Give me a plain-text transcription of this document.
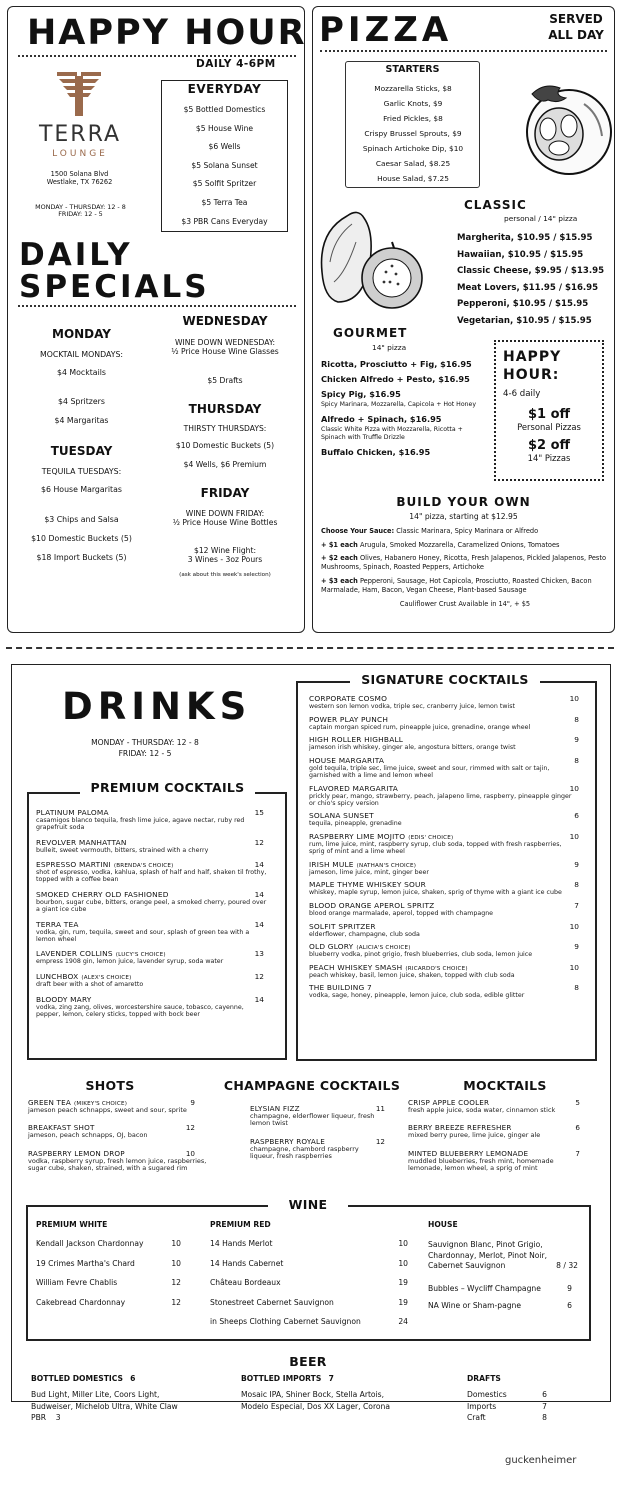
HAPPY HOUR
DAILY 4-6PM
TERRA
LOUNGE
1500 Solana Blvd
Westlake, TX 76262
MONDAY - THURSDAY: 12 - 8
FRIDAY: 12 - 5
EVERYDAY
$5 Bottled Domestics
$5 House Wine
$6 Wells
$5 Solana Sunset
$5 Solfit Spritzer
$5 Terra Tea
$3 PBR Cans Everyday
DAILY
SPECIALS
MONDAY
MOCKTAIL MONDAYS:
$4 Mocktails
$4 Spritzers
$4 Margaritas
TUESDAY
TEQUILA TUESDAYS:
$6 House Margaritas
$3 Chips and Salsa
$10 Domestic Buckets (5)
$18 Import Buckets (5)
WEDNESDAY
WINE DOWN WEDNESDAY:
½ Price House Wine Glasses
$5 Drafts
THURSDAY
THIRSTY THURSDAYS:
$10 Domestic Buckets (5)
$4 Wells, $6 Premium
FRIDAY
WINE DOWN FRIDAY:
½ Price House Wine Bottles
$12 Wine Flight:
3 Wines - 3oz Pours
(ask about this week's selection)
PIZZA	SERVED
ALL DAY
STARTERS
Mozzarella Sticks, $8
Garlic Knots, $9
Fried Pickles, $8
Crispy Brussel Sprouts, $9
Spinach Artichoke Dip, $10
Caesar Salad, $8.25
House Salad, $7.25
CLASSIC
personal / 14" pizza
Margherita, $10.95 / $15.95
Hawaiian, $10.95 / $15.95
Classic Cheese, $9.95 / $13.95
Meat Lovers, $11.95 / $16.95
Pepperoni, $10.95 / $15.95
Vegetarian, $10.95 / $15.95
GOURMET
14" pizza
Ricotta, Prosciutto + Fig, $16.95
Chicken Alfredo + Pesto, $16.95
Spicy Pig, $16.95
Spicy Marinara, Mozzarella, Capicola + Hot Honey
Alfredo + Spinach, $16.95
Classic White Pizza with Mozzarella, Ricotta + Spinach with Truffle Drizzle
Buffalo Chicken, $16.95
HAPPY
HOUR:
4-6 daily
$1 off
Personal Pizzas
$2 off
14" Pizzas
BUILD YOUR OWN
14" pizza, starting at $12.95
Choose Your Sauce: Classic Marinara, Spicy Marinara or Alfredo
+ $1 each Arugula, Smoked Mozzarella, Caramelized Onions, Tomatoes
+ $2 each Olives, Habanero Honey, Ricotta, Fresh Jalapenos, Pickled Jalapenos, Pesto Mushrooms, Spinach, Roasted Peppers, Artichoke
+ $3 each Pepperoni, Sausage, Hot Capicola, Prosciutto, Roasted Chicken, Bacon Marmalade, Ham, Bacon, Vegan Cheese, Plant-based Sausage
Cauliflower Crust Available in 14", + $5
DRINKS
MONDAY - THURSDAY: 12 - 8
FRIDAY: 12 - 5
PREMIUM COCKTAILS
PLATINUM PALOMA	15
casamigos blanco tequila, fresh lime juice, agave nectar, ruby red grapefruit soda
REVOLVER MANHATTAN	12
bulleit, sweet vermouth, bitters, strained with a cherry
ESPRESSO MARTINI (BRENDA'S CHOICE)	14
shot of espresso, vodka, kahlua, splash of half and half, shaken til frothy, topped with a coffee bean
SMOKED CHERRY OLD FASHIONED	14
bourbon, sugar cube, bitters, orange peel, a smoked cherry, poured over a giant ice cube
TERRA TEA	14
vodka, gin, rum, tequila, sweet and sour, splash of green tea with a lemon wheel
LAVENDER COLLINS (LUCY'S CHOICE)	13
empress 1908 gin, lemon juice, lavender syrup, soda water
LUNCHBOX (ALEX'S CHOICE)	12
draft beer with a shot of amaretto
BLOODY MARY	14
vodka, zing zang, olives, worcestershire sauce, tobasco, cayenne, pepper, lemon, celery sticks, topped with bock beer
SIGNATURE COCKTAILS
CORPORATE COSMO	10
western son lemon vodka, triple sec, cranberry juice, lemon twist
POWER PLAY PUNCH	8
captain morgan spiced rum, pineapple juice, grenadine, orange wheel
HIGH ROLLER HIGHBALL	9
jameson irish whiskey, ginger ale, angostura bitters, orange twist
HOUSE MARGARITA	8
gold tequila, triple sec, lime juice, sweet and sour, rimmed with salt or tajin, garnished with a lime and lemon wheel
FLAVORED MARGARITA	10
prickly pear, mango, strawberry, peach, jalapeno lime, raspberry, pineapple ginger or chio's spicy version
SOLANA SUNSET	6
tequila, pineapple, grenadine
RASPBERRY LIME MOJITO (EDIS' CHOICE)	10
rum, lime juice, mint, raspberry syrup, club soda, topped with fresh raspberries, sprig of mint and a lime wheel
IRISH MULE (NATHAN'S CHOICE)	9
jameson, lime juice, mint, ginger beer
MAPLE THYME WHISKEY SOUR	8
whiskey, maple syrup, lemon juice, shaken, sprig of thyme with a giant ice cube
BLOOD ORANGE APEROL SPRITZ	7
blood orange marmalade, aperol, topped with champagne
SOLFIT SPRITZER	10
elderflower, champagne, club soda
OLD GLORY (ALICIA'S CHOICE)	9
blueberry vodka, pinot grigio, fresh blueberries, club soda, lemon juice
PEACH WHISKEY SMASH (RICARDO'S CHOICE)	10
peach whiskey, basil, lemon juice, shaken, topped with club soda
THE BUILDING 7	8
vodka, sage, honey, pineapple, lemon juice, club soda, edible glitter
SHOTS
GREEN TEA (MIKEY'S CHOICE)	9
jameson peach schnapps, sweet and sour, sprite
BREAKFAST SHOT	12
jameson, peach schnapps, OJ, bacon
RASPBERRY LEMON DROP	10
vodka, raspberry syrup, fresh lemon juice, raspberries, sugar cube, shaken, strained, with a sugared rim
CHAMPAGNE COCKTAILS
ELYSIAN FIZZ	11
champagne, elderflower liqueur, fresh lemon twist
RASPBERRY ROYALE	12
champagne, chambord raspberry liqueur, fresh raspberries
MOCKTAILS
CRISP APPLE COOLER	5
fresh apple juice, soda water, cinnamon stick
BERRY BREEZE REFRESHER	6
mixed berry puree, lime juice, ginger ale
MINTED BLUEBERRY LEMONADE	7
muddled blueberries, fresh mint, homemade lemonade, lemon wheel, a sprig of mint
WINE
PREMIUM WHITE
Kendall Jackson Chardonnay	10
19 Crimes Martha's Chard	10
William Fevre Chablis	12
Cakebread Chardonnay	12
PREMIUM RED
14 Hands Merlot	10
14 Hands Cabernet	10
Château Bordeaux	19
Stonestreet Cabernet Sauvignon	19
in Sheeps Clothing Cabernet Sauvignon	24
HOUSE
Sauvignon Blanc, Pinot Grigio,
Chardonnay, Merlot, Pinot Noir,
Cabernet Sauvignon	8 / 32
Bubbles – Wycliff Champagne	9
NA Wine or Sham-pagne	6
BEER
BOTTLED DOMESTICS 6
Bud Light, Miller Lite, Coors Light,
Budweiser, Michelob Ultra, White Claw
PBR 3
BOTTLED IMPORTS 7
Mosaic IPA, Shiner Bock, Stella Artois,
Modelo Especial, Dos XX Lager, Corona
DRAFTS
Domestics	6
Imports	7
Craft	8
guckenheimer
